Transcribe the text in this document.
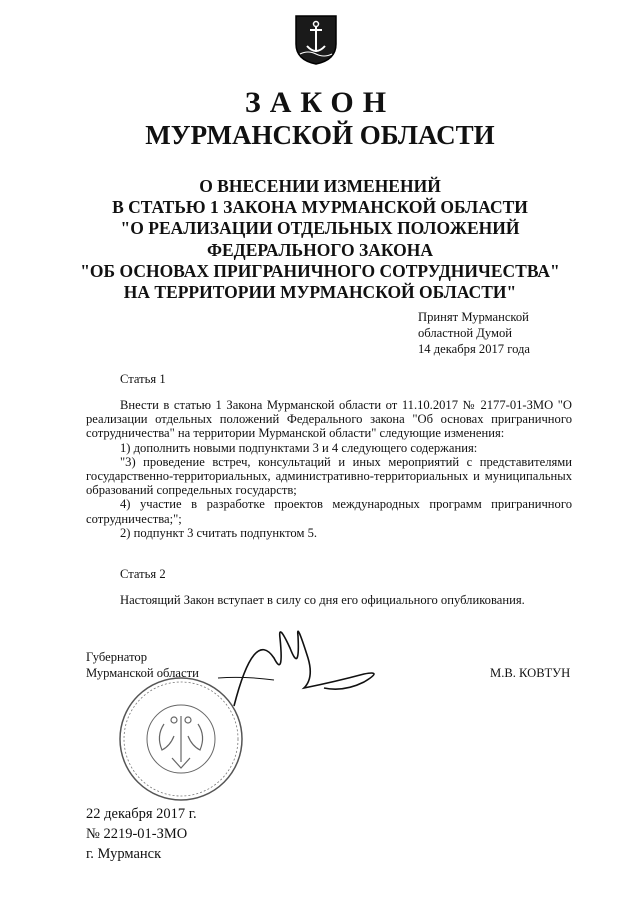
ЗАКОН
МУРМАНСКОЙ ОБЛАСТИ
О ВНЕСЕНИИ ИЗМЕНЕНИЙ
В СТАТЬЮ 1 ЗАКОНА МУРМАНСКОЙ ОБЛАСТИ
"О РЕАЛИЗАЦИИ ОТДЕЛЬНЫХ ПОЛОЖЕНИЙ
ФЕДЕРАЛЬНОГО ЗАКОНА
"ОБ ОСНОВАХ ПРИГРАНИЧНОГО СОТРУДНИЧЕСТВА"
НА ТЕРРИТОРИИ МУРМАНСКОЙ ОБЛАСТИ"
Принят Мурманской
областной Думой
14 декабря 2017 года
Статья 1

Внести в статью 1 Закона Мурманской области от 11.10.2017 № 2177-01-ЗМО "О реализации отдельных положений Федерального закона "Об основах приграничного сотрудничества" на территории Мурманской области" следующие изменения:

1) дополнить новыми подпунктами 3 и 4 следующего содержания:

"3) проведение встреч, консультаций и иных мероприятий с представителями государственно-территориальных, административно-территориальных и муниципальных образований сопредельных государств;

4) участие в разработке проектов международных программ приграничного сотрудничества;";

2) подпункт 3 считать подпунктом 5.

Статья 2
Настоящий Закон вступает в силу со дня его официального опубликования.
Губернатор
Мурманской области	М.В. КОВТУН
22 декабря 2017 г.
№ 2219-01-ЗМО
г. Мурманск
